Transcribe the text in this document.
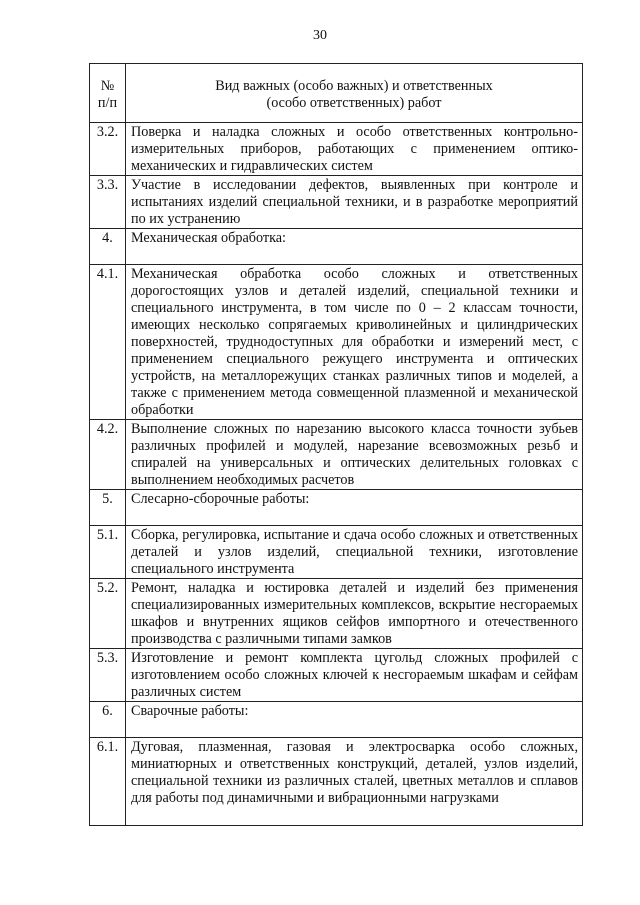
30
№
п/п	Вид важных (особо важных) и ответственных
(особо ответственных) работ

3.2.	Поверка и наладка сложных и особо ответственных контрольно-измерительных приборов, работающих с применением оптико-механических и гидравлических систем
3.3.	Участие в исследовании дефектов, выявленных при контроле и испытаниях изделий специальной техники, и в разработке мероприятий по их устранению
4.	Механическая обработка:
4.1.	Механическая обработка особо сложных и ответственных дорогостоящих узлов и деталей изделий, специальной техники и специального инструмента, в том числе по 0 – 2 классам точности, имеющих несколько сопрягаемых криволинейных и цилиндрических поверхностей, труднодоступных для обработки и измерений мест, с применением специального режущего инструмента и оптических устройств, на металлорежущих станках различных типов и моделей, а также с применением метода совмещенной плазменной и механической обработки
4.2.	Выполнение сложных по нарезанию высокого класса точности зубьев различных профилей и модулей, нарезание всевозможных резьб и спиралей на универсальных и оптических делительных головках с выполнением необходимых расчетов
5.	Слесарно-сборочные работы:
5.1.	Сборка, регулировка, испытание и сдача особо сложных и ответственных деталей и узлов изделий, специальной техники, изготовление специального инструмента
5.2.	Ремонт, наладка и юстировка деталей и изделий без применения специализированных измерительных комплексов, вскрытие несгораемых шкафов и внутренних ящиков сейфов импортного и отечественного производства с различными типами замков
5.3.	Изготовление и ремонт комплекта цугольд сложных профилей с изготовлением особо сложных ключей к несгораемым шкафам и сейфам различных систем
6.	Сварочные работы:
6.1.	Дуговая, плазменная, газовая и электросварка особо сложных, миниатюрных и ответственных конструкций, деталей, узлов изделий, специальной техники из различных сталей, цветных металлов и сплавов для работы под динамичными и вибрационными нагрузками
